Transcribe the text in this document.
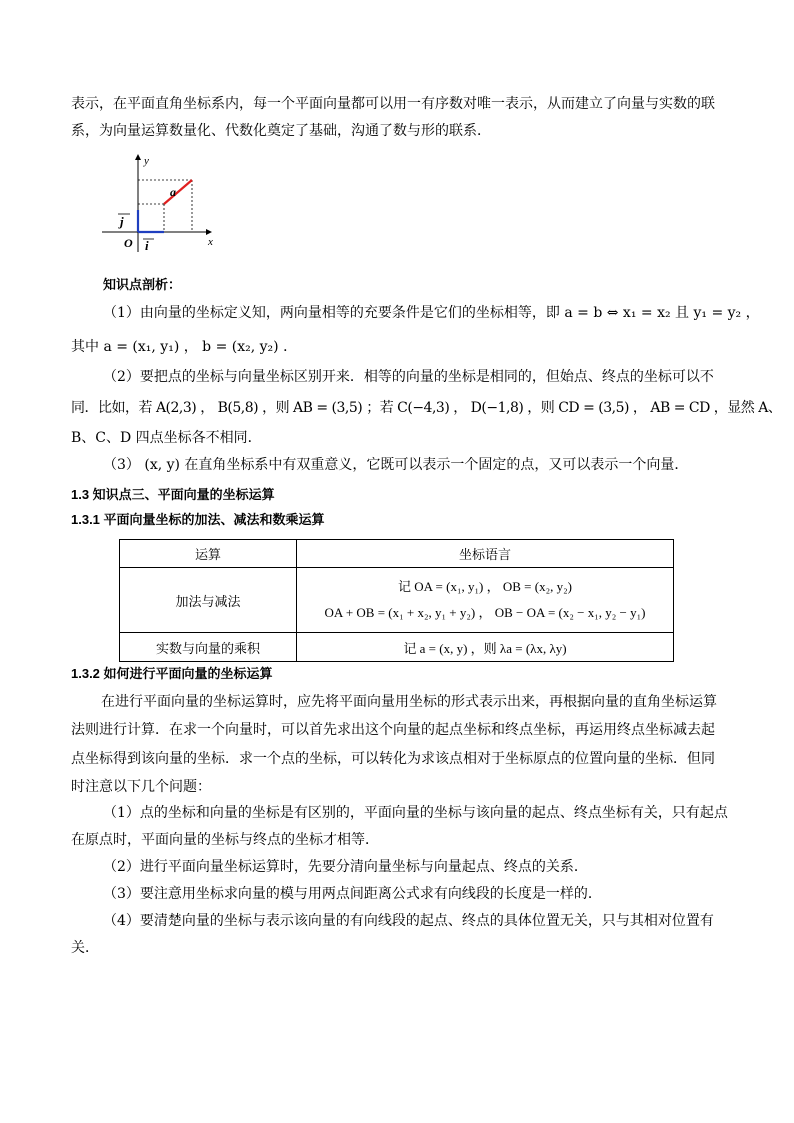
表示，在平面直角坐标系内，每一个平面向量都可以用一有序数对唯一表示，从而建立了向量与实数的联
系，为向量运算数量化、代数化奠定了基础，沟通了数与形的联系．
y
x
O
a
i
j
知识点剖析：
（1）由向量的坐标定义知，两向量相等的充要条件是它们的坐标相等，即 a = b ⇔ x₁ = x₂ 且 y₁ = y₂ ，
其中 a = (x₁, y₁) ， b = (x₂, y₂) ．
（2）要把点的坐标与向量坐标区别开来．相等的向量的坐标是相同的，但始点、终点的坐标可以不
同．比如，若 A(2,3) ， B(5,8) ，则 AB = (3,5) ；若 C(−4,3) ， D(−1,8) ，则 CD = (3,5) ， AB = CD ，显然 A、
B、C、D 四点坐标各不相同．
（3） (x, y) 在直角坐标系中有双重意义，它既可以表示一个固定的点，又可以表示一个向量．
1.3 知识点三、平面向量的坐标运算
1.3.1 平面向量坐标的加法、减法和数乘运算
运算	坐标语言
加法与减法	记 OA = (x₁, y₁) ， OB = (x₂, y₂)
OA + OB = (x₁ + x₂, y₁ + y₂) ， OB − OA = (x₂ − x₁, y₂ − y₁)

实数与向量的乘积	记 a = (x, y) ，则 λa = (λx, λy)
1.3.2 如何进行平面向量的坐标运算
在进行平面向量的坐标运算时，应先将平面向量用坐标的形式表示出来，再根据向量的直角坐标运算
法则进行计算．在求一个向量时，可以首先求出这个向量的起点坐标和终点坐标，再运用终点坐标减去起
点坐标得到该向量的坐标．求一个点的坐标，可以转化为求该点相对于坐标原点的位置向量的坐标．但同
时注意以下几个问题：
（1）点的坐标和向量的坐标是有区别的，平面向量的坐标与该向量的起点、终点坐标有关，只有起点
在原点时，平面向量的坐标与终点的坐标才相等．
（2）进行平面向量坐标运算时，先要分清向量坐标与向量起点、终点的关系．
（3）要注意用坐标求向量的模与用两点间距离公式求有向线段的长度是一样的．
（4）要清楚向量的坐标与表示该向量的有向线段的起点、终点的具体位置无关，只与其相对位置有
关．
